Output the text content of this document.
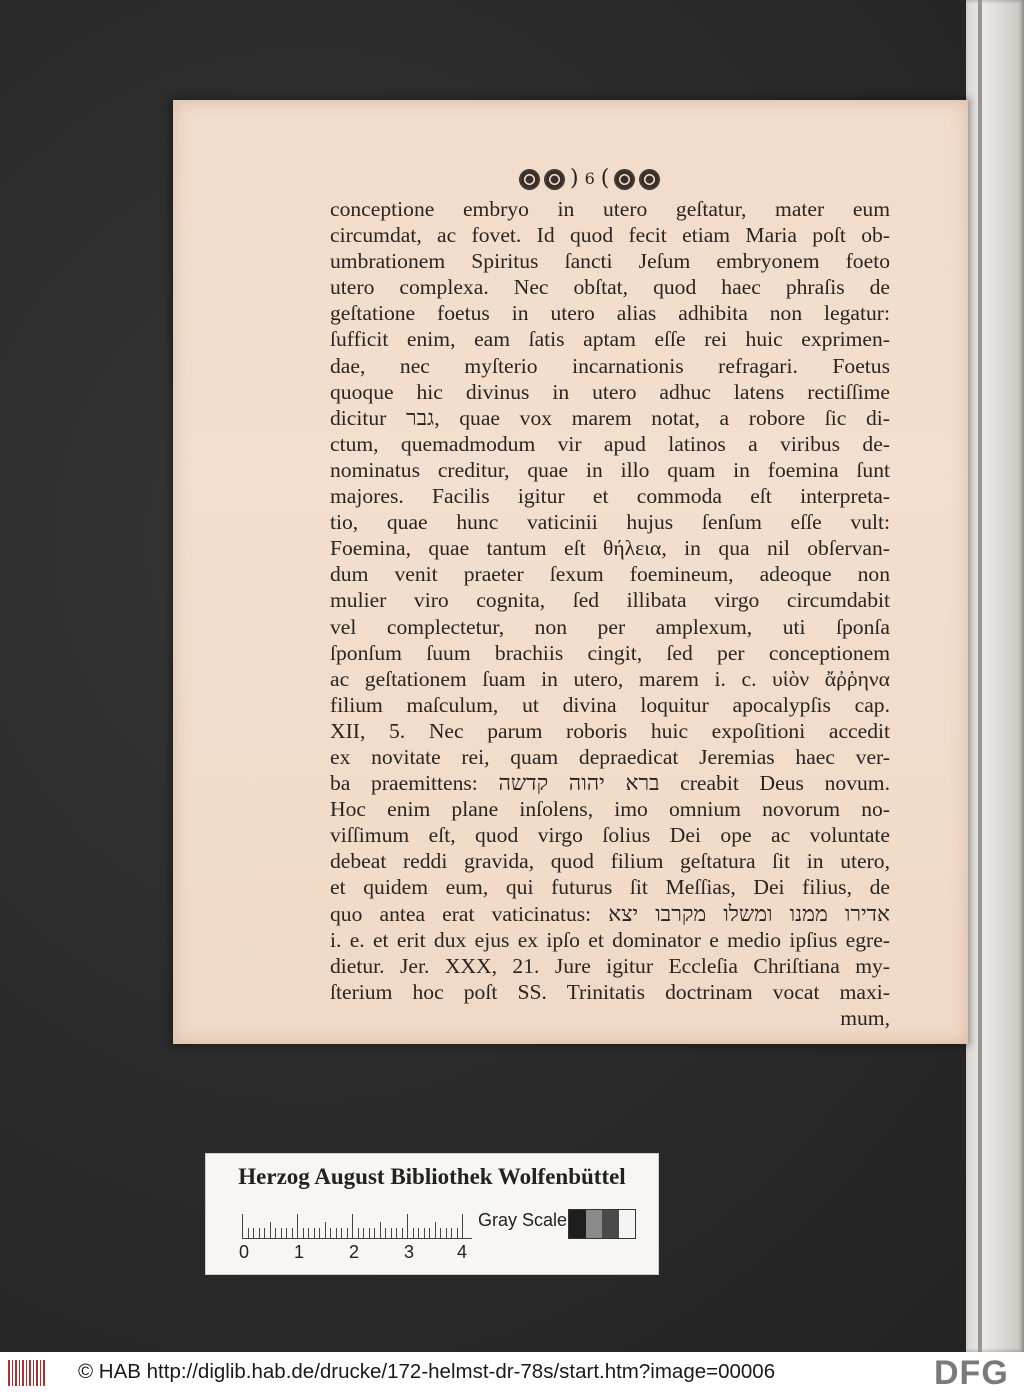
) 6 (
conceptione embryo in utero geſtatur, mater eum
circumdat, ac fovet. Id quod fecit etiam Maria poſt ob-
umbrationem Spiritus ſancti Jeſum embryonem foeto
utero complexa. Nec obſtat, quod haec phraſis de
geſtatione foetus in utero alias adhibita non legatur:
ſufficit enim, eam ſatis aptam eſſe rei huic exprimen-
dae, nec myſterio incarnationis refragari. Foetus
quoque hic divinus in utero adhuc latens rectiſſime
dicitur גבר, quae vox marem notat, a robore ſic di-
ctum, quemadmodum vir apud latinos a viribus de-
nominatus creditur, quae in illo quam in foemina ſunt
majores. Facilis igitur et commoda eſt interpreta-
tio, quae hunc vaticinii hujus ſenſum eſſe vult:
Foemina, quae tantum eſt θήλεια, in qua nil obſervan-
dum venit praeter ſexum foemineum, adeoque non
mulier viro cognita, ſed illibata virgo circumdabit
vel complectetur, non per amplexum, uti ſponſa
ſponſum ſuum brachiis cingit, ſed per conceptionem
ac geſtationem ſuam in utero, marem i. c. υἱὸν ἄῤῥηνα
filium maſculum, ut divina loquitur apocalypſis cap.
XII, 5. Nec parum roboris huic expoſitioni accedit
ex novitate rei, quam depraedicat Jeremias haec ver-
ba praemittens: ברא יהוה קדשה creabit Deus novum.
Hoc enim plane inſolens, imo omnium novorum no-
viſſimum eſt, quod virgo ſolius Dei ope ac voluntate
debeat reddi gravida, quod filium geſtatura ſit in utero,
et quidem eum, qui futurus ſit Meſſias, Dei filius, de
quo antea erat vaticinatus: אדירו ממנו ומשלו מקרבו יצא
i. e. et erit dux ejus ex ipſo et dominator e medio ipſius egre-
dietur. Jer. XXX, 21. Jure igitur Eccleſia Chriſtiana my-
ſterium hoc poſt SS. Trinitatis doctrinam vocat maxi-
mum,
Herzog August Bibliothek Wolfenbüttel
0 1 2 3 4
Gray Scale
© HAB http://diglib.hab.de/drucke/172-helmst-dr-78s/start.htm?image=00006	DFG
